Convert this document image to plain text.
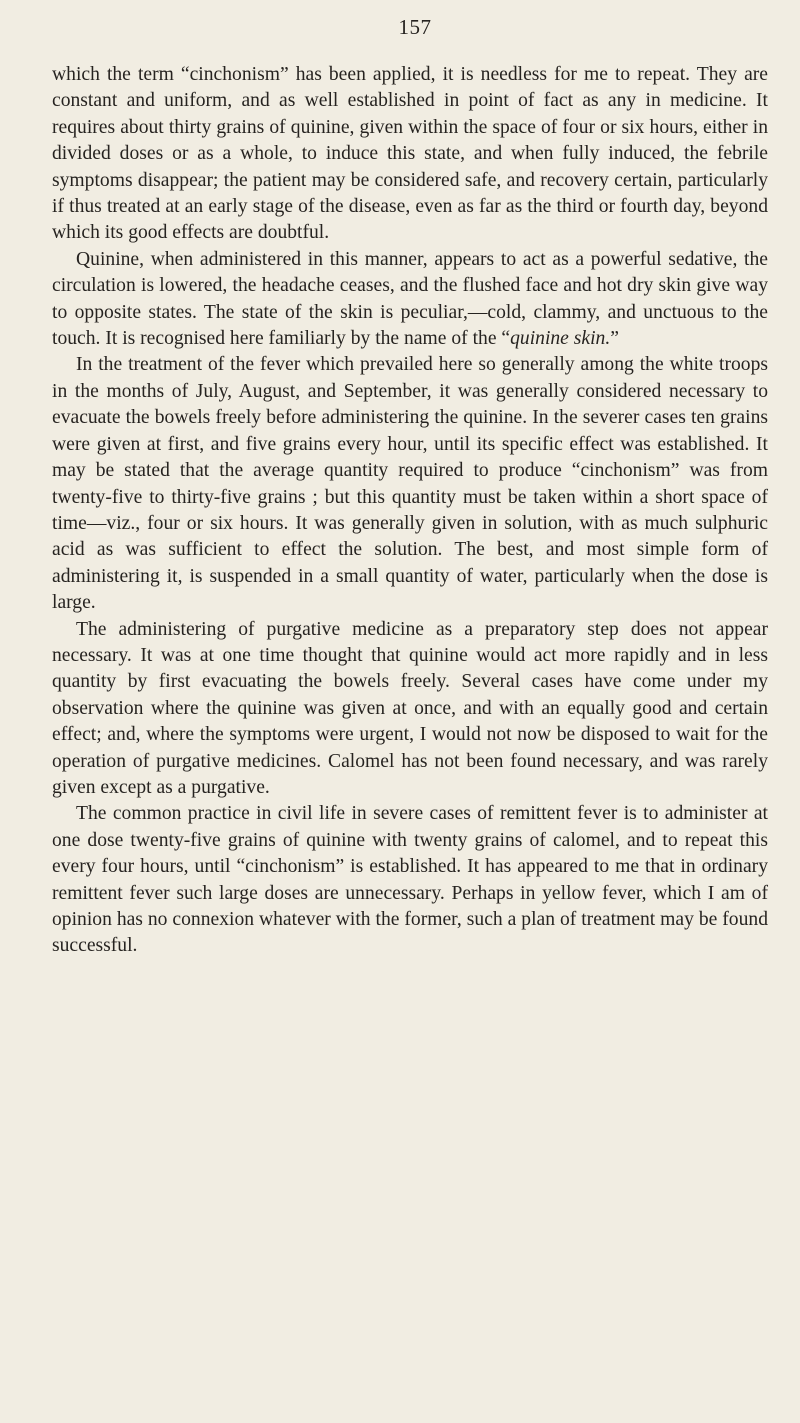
157

which the term “cinchonism” has been applied, it is needless for me to repeat. They are constant and uniform, and as well established in point of fact as any in medicine. It requires about thirty grains of quinine, given within the space of four or six hours, either in divided doses or as a whole, to induce this state, and when fully induced, the febrile symptoms disappear; the patient may be considered safe, and recovery certain, particularly if thus treated at an early stage of the disease, even as far as the third or fourth day, beyond which its good effects are doubtful.

Quinine, when administered in this manner, appears to act as a powerful sedative, the circulation is lowered, the headache ceases, and the flushed face and hot dry skin give way to opposite states. The state of the skin is peculiar,—cold, clammy, and unctuous to the touch. It is recognised here familiarly by the name of the “quinine skin.”

In the treatment of the fever which prevailed here so generally among the white troops in the months of July, August, and September, it was generally considered necessary to evacuate the bowels freely before administering the quinine. In the severer cases ten grains were given at first, and five grains every hour, until its specific effect was established. It may be stated that the average quantity required to produce “cinchonism” was from twenty-five to thirty-five grains ; but this quantity must be taken within a short space of time—viz., four or six hours. It was generally given in solution, with as much sulphuric acid as was sufficient to effect the solution. The best, and most simple form of administering it, is suspended in a small quantity of water, particularly when the dose is large.

The administering of purgative medicine as a preparatory step does not appear necessary. It was at one time thought that quinine would act more rapidly and in less quantity by first evacuating the bowels freely. Several cases have come under my observation where the quinine was given at once, and with an equally good and certain effect; and, where the symptoms were urgent, I would not now be disposed to wait for the operation of purgative medicines. Calomel has not been found necessary, and was rarely given except as a purgative.

The common practice in civil life in severe cases of remittent fever is to administer at one dose twenty-five grains of quinine with twenty grains of calomel, and to repeat this every four hours, until “cinchonism” is established. It has appeared to me that in ordinary remittent fever such large doses are unnecessary. Perhaps in yellow fever, which I am of opinion has no connexion whatever with the former, such a plan of treatment may be found successful.
